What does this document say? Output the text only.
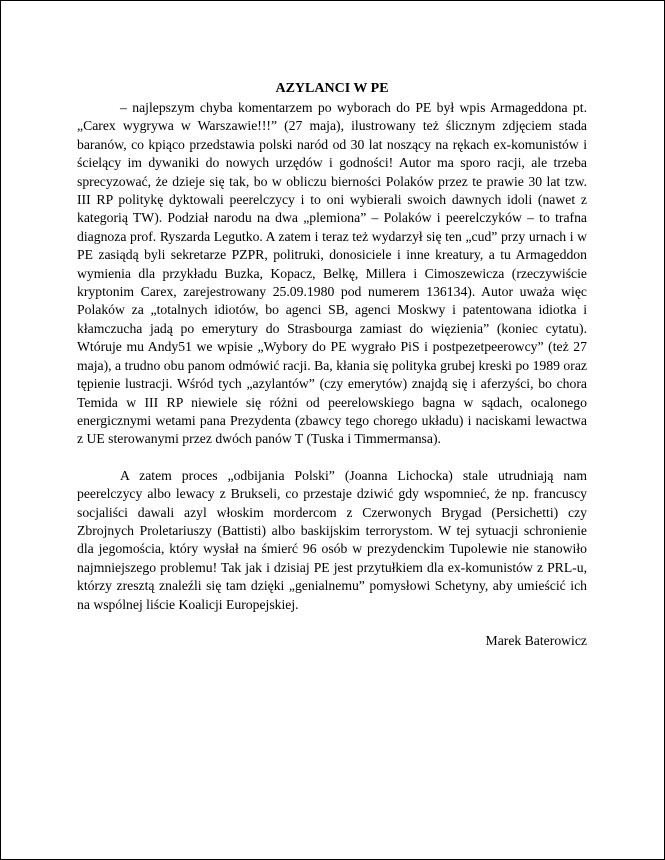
AZYLANCI W PE

– najlepszym chyba komentarzem po wyborach do PE był wpis Armageddona pt. „Carex wygrywa w Warszawie!!!” (27 maja), ilustrowany też ślicznym zdjęciem stada baranów, co kpiąco przedstawia polski naród od 30 lat noszący na rękach ex-komunistów i ścielący im dywaniki do nowych urzędów i godności! Autor ma sporo racji, ale trzeba sprecyzować, że dzieje się tak, bo w obliczu bierności Polaków przez te prawie 30 lat tzw. III RP politykę dyktowali peerelczycy i to oni wybierali swoich dawnych idoli (nawet z kategorią TW). Podział narodu na dwa „plemiona” – Polaków i peerelczyków – to trafna diagnoza prof. Ryszarda Legutko. A zatem i teraz też wydarzył się ten „cud” przy urnach i w PE zasiądą byli sekretarze PZPR, politruki, donosiciele i inne kreatury, a tu Armageddon wymienia dla przykładu Buzka, Kopacz, Belkę, Millera i Cimoszewicza (rzeczywiście kryptonim Carex, zarejestrowany 25.09.1980 pod numerem 136134). Autor uważa więc Polaków za „totalnych idiotów, bo agenci SB, agenci Moskwy i patentowana idiotka i kłamczucha jadą po emerytury do Strasbourga zamiast do więzienia” (koniec cytatu). Wtóruje mu Andy51 we wpisie „Wybory do PE wygrało PiS i postpezetpeerowcy” (też 27 maja), a trudno obu panom odmówić racji. Ba, kłania się polityka grubej kreski po 1989 oraz tępienie lustracji. Wśród tych „azylantów” (czy emerytów) znajdą się i aferzyści, bo chora Temida w III RP niewiele się różni od peerelowskiego bagna w sądach, ocalonego energicznymi wetami pana Prezydenta (zbawcy tego chorego układu) i naciskami lewactwa z UE sterowanymi przez dwóch panów T (Tuska i Timmermansa).

A zatem proces „odbijania Polski” (Joanna Lichocka) stale utrudniają nam peerelczycy albo lewacy z Brukseli, co przestaje dziwić gdy wspomnieć, że np. francuscy socjaliści dawali azyl włoskim mordercom z Czerwonych Brygad (Persichetti) czy Zbrojnych Proletariuszy (Battisti) albo baskijskim terrorystom. W tej sytuacji schronienie dla jegomościa, który wysłał na śmierć 96 osób w prezydenckim Tupolewie nie stanowiło najmniejszego problemu! Tak jak i dzisiaj PE jest przytułkiem dla ex-komunistów z PRL-u, którzy zresztą znaleźli się tam dzięki „genialnemu” pomysłowi Schetyny, aby umieścić ich na wspólnej liście Koalicji Europejskiej.

Marek Baterowicz
